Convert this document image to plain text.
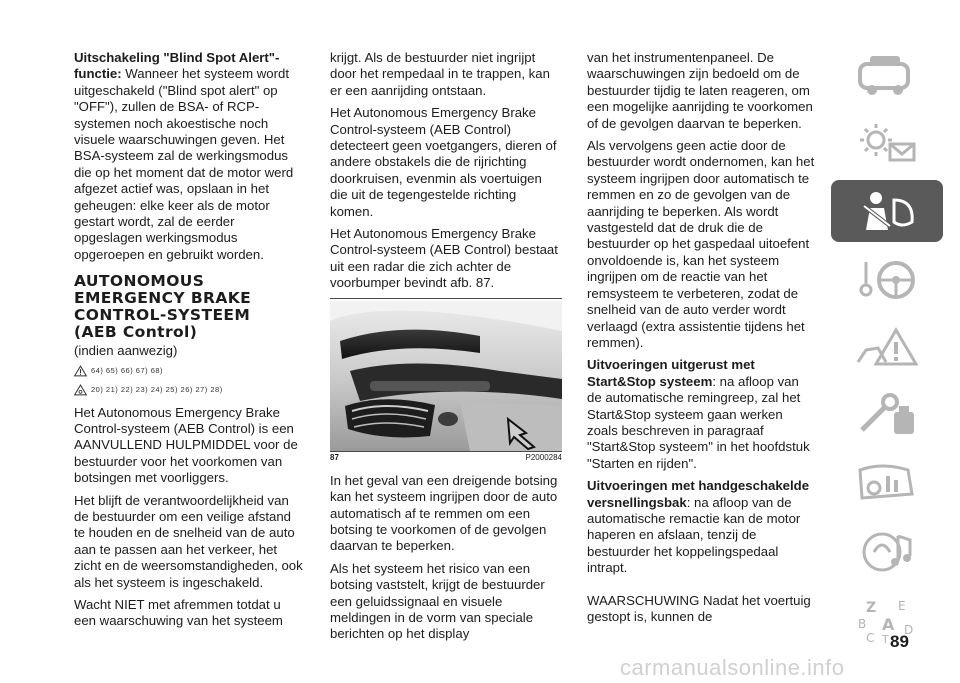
Uitschakeling "Blind Spot Alert"-functie: Wanneer het systeem wordt uitgeschakeld ("Blind spot alert" op "OFF"), zullen de BSA- of RCP-systemen noch akoestische noch visuele waarschuwingen geven. Het BSA-systeem zal de werkingsmodus die op het moment dat de motor werd afgezet actief was, opslaan in het geheugen: elke keer als de motor gestart wordt, zal de eerder opgeslagen werkingsmodus opgeroepen en gebruikt worden.

AUTONOMOUS EMERGENCY BRAKE CONTROL-SYSTEEM
(AEB Control)
(indien aanwezig)
64) 65) 66) 67) 68)
20) 21) 22) 23) 24) 25) 26) 27) 28)

Het Autonomous Emergency Brake Control-systeem (AEB Control) is een AANVULLEND HULPMIDDEL voor de bestuurder voor het voorkomen van botsingen met voorliggers.

Het blijft de verantwoordelijkheid van de bestuurder om een veilige afstand te houden en de snelheid van de auto aan te passen aan het verkeer, het zicht en de weersomstandigheden, ook als het systeem is ingeschakeld.

Wacht NIET met afremmen totdat u een waarschuwing van het systeem

krijgt. Als de bestuurder niet ingrijpt door het rempedaal in te trappen, kan er een aanrijding ontstaan.

Het Autonomous Emergency Brake Control-systeem (AEB Control) detecteert geen voetgangers, dieren of andere obstakels die de rijrichting doorkruisen, evenmin als voertuigen die uit de tegengestelde richting komen.

Het Autonomous Emergency Brake Control-systeem (AEB Control) bestaat uit een radar die zich achter de voorbumper bevindt afb. 87.

87	P2000284

In het geval van een dreigende botsing kan het systeem ingrijpen door de auto automatisch af te remmen om een botsing te voorkomen of de gevolgen daarvan te beperken.

Als het systeem het risico van een botsing vaststelt, krijgt de bestuurder een geluidssignaal en visuele meldingen in de vorm van speciale berichten op het display

van het instrumentenpaneel. De waarschuwingen zijn bedoeld om de bestuurder tijdig te laten reageren, om een mogelijke aanrijding te voorkomen of de gevolgen daarvan te beperken.

Als vervolgens geen actie door de bestuurder wordt ondernomen, kan het systeem ingrijpen door automatisch te remmen en zo de gevolgen van de aanrijding te beperken. Als wordt vastgesteld dat de druk die de bestuurder op het gaspedaal uitoefent onvoldoende is, kan het systeem ingrijpen om de reactie van het remsysteem te verbeteren, zodat de snelheid van de auto verder wordt verlaagd (extra assistentie tijdens het remmen).

Uitvoeringen uitgerust met Start&Stop systeem: na afloop van de automatische remingreep, zal het Start&Stop systeem gaan werken zoals beschreven in paragraaf "Start&Stop systeem" in het hoofdstuk "Starten en rijden".

Uitvoeringen met handgeschakelde versnellingsbak: na afloop van de automatische remactie kan de motor haperen en afslaan, tenzij de bestuurder het koppelingspedaal intrapt.

WAARSCHUWING Nadat het voertuig gestopt is, kunnen de

Z E
B A
C T
D
89
carmanualsonline.info
